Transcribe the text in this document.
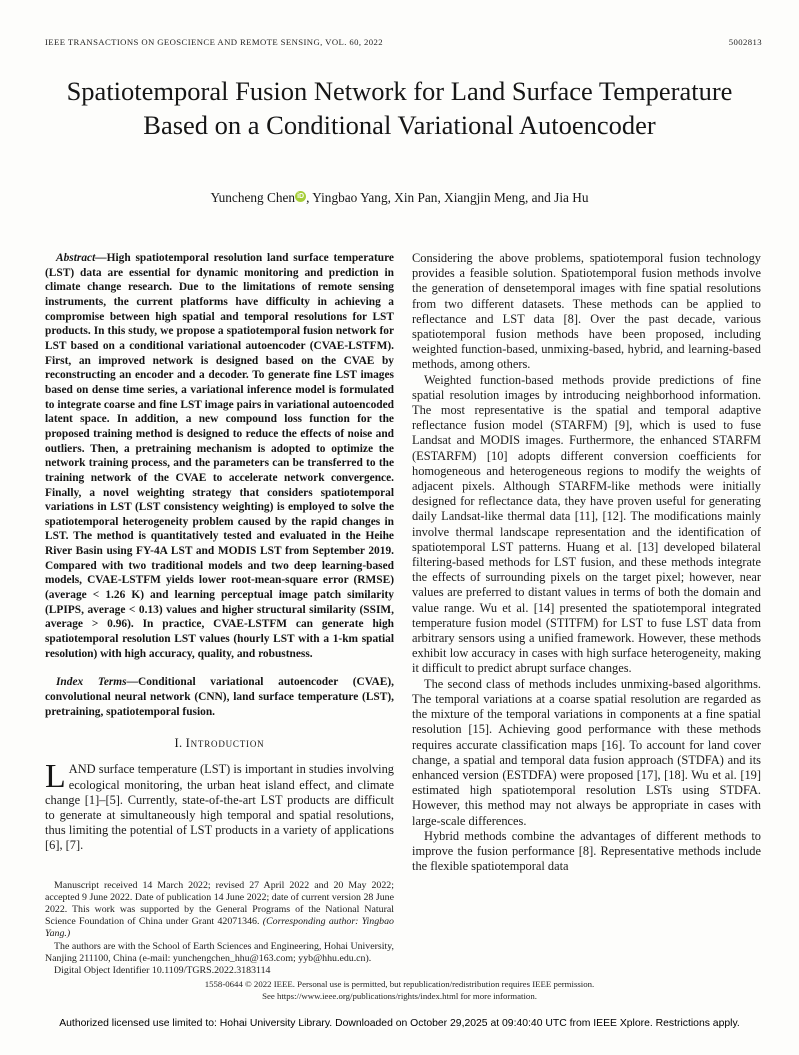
IEEE TRANSACTIONS ON GEOSCIENCE AND REMOTE SENSING, VOL. 60, 2022	5002813
Spatiotemporal Fusion Network for Land Surface Temperature Based on a Conditional Variational Autoencoder
Yuncheng Chen iD , Yingbao Yang, Xin Pan, Xiangjin Meng, and Jia Hu

Abstract—High spatiotemporal resolution land surface temperature (LST) data are essential for dynamic monitoring and prediction in climate change research. Due to the limitations of remote sensing instruments, the current platforms have difficulty in achieving a compromise between high spatial and temporal resolutions for LST products. In this study, we propose a spatiotemporal fusion network for LST based on a conditional variational autoencoder (CVAE-LSTFM). First, an improved network is designed based on the CVAE by reconstructing an encoder and a decoder. To generate fine LST images based on dense time series, a variational inference model is formulated to integrate coarse and fine LST image pairs in variational autoencoded latent space. In addition, a new compound loss function for the proposed training method is designed to reduce the effects of noise and outliers. Then, a pretraining mechanism is adopted to optimize the network training process, and the parameters can be transferred to the training network of the CVAE to accelerate network convergence. Finally, a novel weighting strategy that considers spatiotemporal variations in LST (LST consistency weighting) is employed to solve the spatiotemporal heterogeneity problem caused by the rapid changes in LST. The method is quantitatively tested and evaluated in the Heihe River Basin using FY-4A LST and MODIS LST from September 2019. Compared with two traditional models and two deep learning-based models, CVAE-LSTFM yields lower root-mean-square error (RMSE) (average < 1.26 K) and learning perceptual image patch similarity (LPIPS, average < 0.13) values and higher structural similarity (SSIM, average > 0.96). In practice, CVAE-LSTFM can generate high spatiotemporal resolution LST values (hourly LST with a 1-km spatial resolution) with high accuracy, quality, and robustness.

Index Terms—Conditional variational autoencoder (CVAE), convolutional neural network (CNN), land surface temperature (LST), pretraining, spatiotemporal fusion.

I. Introduction

LAND surface temperature (LST) is important in studies involving ecological monitoring, the urban heat island effect, and climate change [1]–[5]. Currently, state-of-the-art LST products are difficult to generate at simultaneously high temporal and spatial resolutions, thus limiting the potential of LST products in a variety of applications [6], [7].

Manuscript received 14 March 2022; revised 27 April 2022 and 20 May 2022; accepted 9 June 2022. Date of publication 14 June 2022; date of current version 28 June 2022. This work was supported by the General Programs of the National Natural Science Foundation of China under Grant 42071346. (Corresponding author: Yingbao Yang.)

The authors are with the School of Earth Sciences and Engineering, Hohai University, Nanjing 211100, China (e-mail: yunchengchen_hhu@163.com; yyb@hhu.edu.cn).

Digital Object Identifier 10.1109/TGRS.2022.3183114

Considering the above problems, spatiotemporal fusion technology provides a feasible solution. Spatiotemporal fusion methods involve the generation of densetemporal images with fine spatial resolutions from two different datasets. These methods can be applied to reflectance and LST data [8]. Over the past decade, various spatiotemporal fusion methods have been proposed, including weighted function-based, unmixing-based, hybrid, and learning-based methods, among others.

Weighted function-based methods provide predictions of fine spatial resolution images by introducing neighborhood information. The most representative is the spatial and temporal adaptive reflectance fusion model (STARFM) [9], which is used to fuse Landsat and MODIS images. Furthermore, the enhanced STARFM (ESTARFM) [10] adopts different conversion coefficients for homogeneous and heterogeneous regions to modify the weights of adjacent pixels. Although STARFM-like methods were initially designed for reflectance data, they have proven useful for generating daily Landsat-like thermal data [11], [12]. The modifications mainly involve thermal landscape representation and the identification of spatiotemporal LST patterns. Huang et al. [13] developed bilateral filtering-based methods for LST fusion, and these methods integrate the effects of surrounding pixels on the target pixel; however, near values are preferred to distant values in terms of both the domain and value range. Wu et al. [14] presented the spatiotemporal integrated temperature fusion model (STITFM) for LST to fuse LST data from arbitrary sensors using a unified framework. However, these methods exhibit low accuracy in cases with high surface heterogeneity, making it difficult to predict abrupt surface changes.

The second class of methods includes unmixing-based algorithms. The temporal variations at a coarse spatial resolution are regarded as the mixture of the temporal variations in components at a fine spatial resolution [15]. Achieving good performance with these methods requires accurate classification maps [16]. To account for land cover change, a spatial and temporal data fusion approach (STDFA) and its enhanced version (ESTDFA) were proposed [17], [18]. Wu et al. [19] estimated high spatiotemporal resolution LSTs using STDFA. However, this method may not always be appropriate in cases with large-scale differences.

Hybrid methods combine the advantages of different methods to improve the fusion performance [8]. Representative methods include the flexible spatiotemporal data

1558-0644 © 2022 IEEE. Personal use is permitted, but republication/redistribution requires IEEE permission.
See https://www.ieee.org/publications/rights/index.html for more information.
Authorized licensed use limited to: Hohai University Library. Downloaded on October 29,2025 at 09:40:40 UTC from IEEE Xplore. Restrictions apply.
